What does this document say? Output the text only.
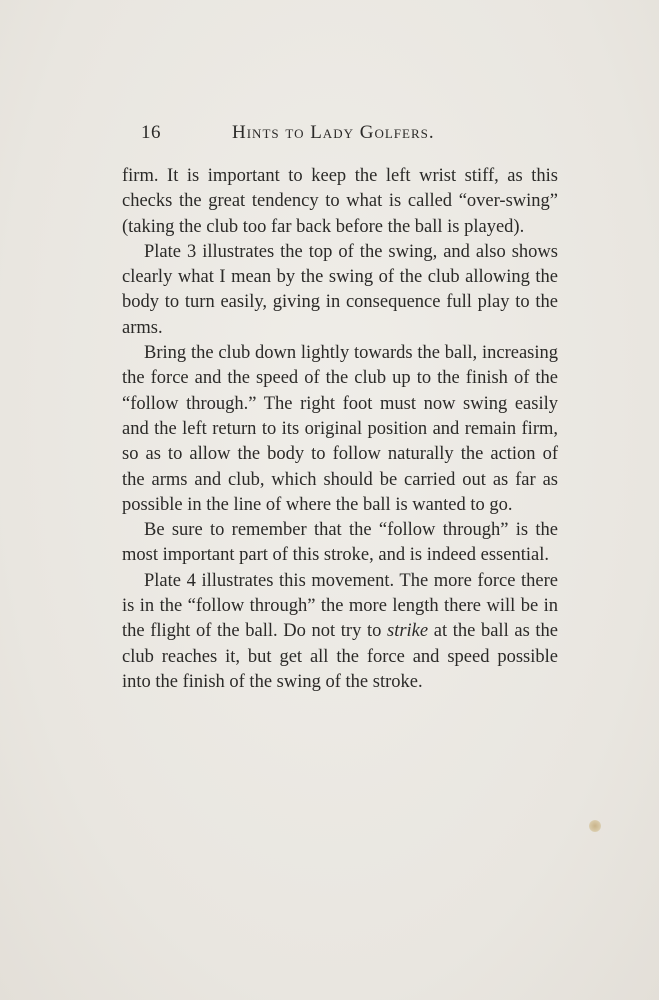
16	Hints to Lady Golfers.

firm. It is important to keep the left wrist stiff, as this checks the great tendency to what is called “over-swing” (taking the club too far back before the ball is played).

Plate 3 illustrates the top of the swing, and also shows clearly what I mean by the swing of the club allowing the body to turn easily, giving in consequence full play to the arms.

Bring the club down lightly towards the ball, increasing the force and the speed of the club up to the finish of the “follow through.” The right foot must now swing easily and the left return to its original position and remain firm, so as to allow the body to follow naturally the action of the arms and club, which should be carried out as far as possible in the line of where the ball is wanted to go.

Be sure to remember that the “follow through” is the most important part of this stroke, and is indeed essential.

Plate 4 illustrates this movement. The more force there is in the “follow through” the more length there will be in the flight of the ball. Do not try to strike at the ball as the club reaches it, but get all the force and speed possible into the finish of the swing of the stroke.
